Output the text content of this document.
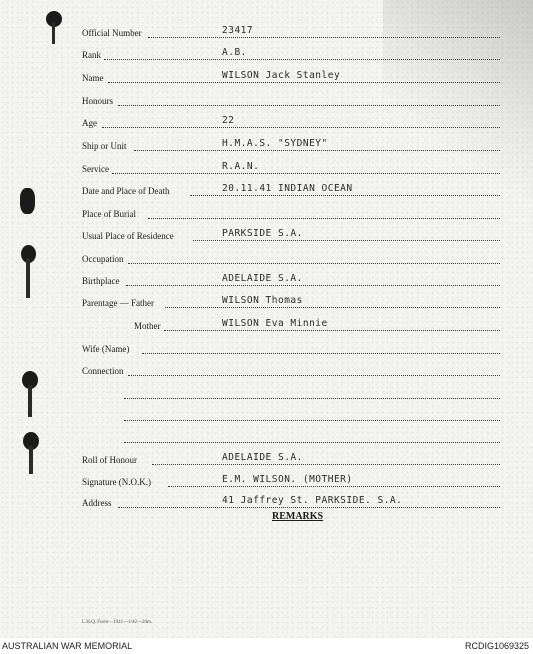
Official Number	23417
Rank	A.B.
Name	WILSON Jack Stanley
Honours
Age	22
Ship or Unit	H.M.A.S. "SYDNEY"
Service	R.A.N.
Date and Place of Death	20.11.41 INDIAN OCEAN
Place of Burial
Usual Place of Residence	PARKSIDE S.A.
Occupation
Birthplace	ADELAIDE S.A.
Parentage — Father	WILSON Thomas
Mother	WILSON Eva Minnie
Wife (Name)
Connection
Roll of Honour	ADELAIDE S.A.
Signature (N.O.K.)	E.M. WILSON. (MOTHER)
Address	41 Jaffrey St. PARKSIDE. S.A.
REMARKS
L.H.Q. Form—1941—1/42—20m.
AUSTRALIAN WAR MEMORIAL	RCDIG1069325
